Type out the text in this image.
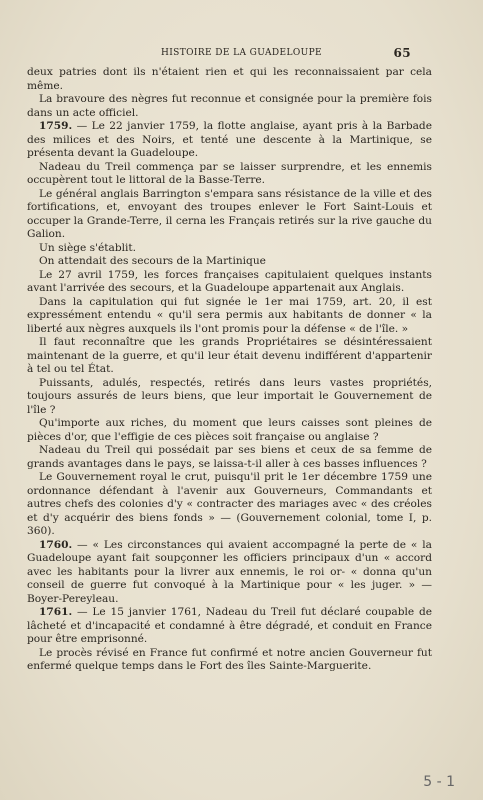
HISTOIRE DE LA GUADELOUPE	65

deux patries dont ils n'étaient rien et qui les reconnaissaient par cela même.

La bravoure des nègres fut reconnue et consignée pour la première fois dans un acte officiel.

1759. — Le 22 janvier 1759, la flotte anglaise, ayant pris à la Barbade des milices et des Noirs, et tenté une descente à la Martinique, se présenta devant la Guadeloupe.

Nadeau du Treil commença par se laisser surprendre, et les ennemis occupèrent tout le littoral de la Basse-Terre.

Le général anglais Barrington s'empara sans résistance de la ville et des fortifications, et, envoyant des troupes enlever le Fort Saint-Louis et occuper la Grande-Terre, il cerna les Français retirés sur la rive gauche du Galion.

Un siège s'établit.

On attendait des secours de la Martinique

Le 27 avril 1759, les forces françaises capitulaient quelques instants avant l'arrivée des secours, et la Guadeloupe appartenait aux Anglais.

Dans la capitulation qui fut signée le 1er mai 1759, art. 20, il est expressément entendu « qu'il sera permis aux habitants de donner « la liberté aux nègres auxquels ils l'ont promis pour la défense « de l'île. »

Il faut reconnaître que les grands Propriétaires se désintéressaient maintenant de la guerre, et qu'il leur était devenu indifférent d'appartenir à tel ou tel État.

Puissants, adulés, respectés, retirés dans leurs vastes propriétés, toujours assurés de leurs biens, que leur importait le Gouvernement de l'île ?

Qu'importe aux riches, du moment que leurs caisses sont pleines de pièces d'or, que l'effigie de ces pièces soit française ou anglaise ?

Nadeau du Treil qui possédait par ses biens et ceux de sa femme de grands avantages dans le pays, se laissa-t-il aller à ces basses influences ?

Le Gouvernement royal le crut, puisqu'il prit le 1er décembre 1759 une ordonnance défendant à l'avenir aux Gouverneurs, Commandants et autres chefs des colonies d'y « contracter des mariages avec « des créoles et d'y acquérir des biens fonds » — (Gouvernement colonial, tome I, p. 360).

1760. — « Les circonstances qui avaient accompagné la perte de « la Guadeloupe ayant fait soupçonner les officiers principaux d'un « accord avec les habitants pour la livrer aux ennemis, le roi or- « donna qu'un conseil de guerre fut convoqué à la Martinique pour « les juger. » — Boyer-Pereyleau.

1761. — Le 15 janvier 1761, Nadeau du Treil fut déclaré coupable de lâcheté et d'incapacité et condamné à être dégradé, et conduit en France pour être emprisonné.

Le procès révisé en France fut confirmé et notre ancien Gouverneur fut enfermé quelque temps dans le Fort des îles Sainte-Marguerite.

5 - 1
